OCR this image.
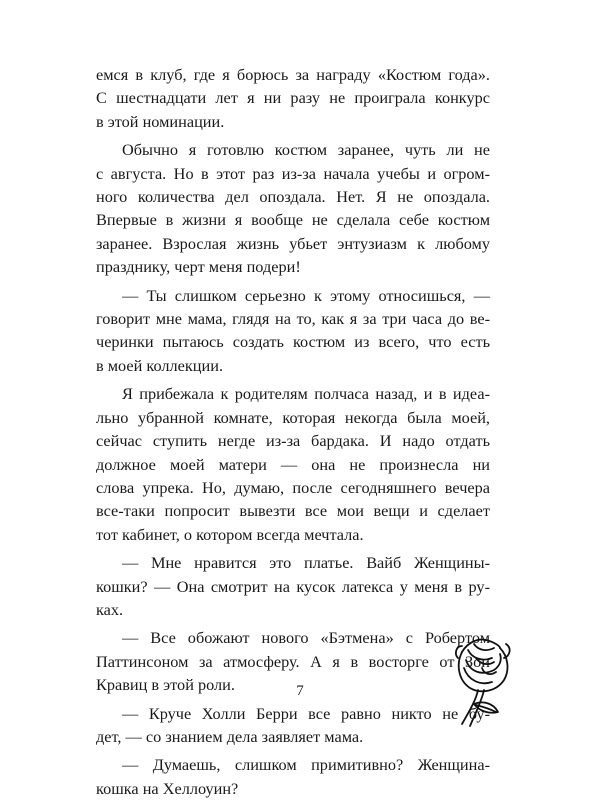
емся в клуб, где я борюсь за награду «Костюм года».
С шестнадцати лет я ни разу не проиграла конкурс
в этой номинации.
Обычно я готовлю костюм заранее, чуть ли не
с августа. Но в этот раз из-за начала учебы и огром-
ного количества дел опоздала. Нет. Я не опоздала.
Впервые в жизни я вообще не сделала себе костюм
заранее. Взрослая жизнь убьет энтузиазм к любому
празднику, черт меня подери!
— Ты слишком серьезно к этому относишься, —
говорит мне мама, глядя на то, как я за три часа до ве-
черинки пытаюсь создать костюм из всего, что есть
в моей коллекции.
Я прибежала к родителям полчаса назад, и в идеа-
льно убранной комнате, которая некогда была моей,
сейчас ступить негде из-за бардака. И надо отдать
должное моей матери — она не произнесла ни
слова упрека. Но, думаю, после сегодняшнего вечера
все-таки попросит вывезти все мои вещи и сделает
тот кабинет, о котором всегда мечтала.
— Мне нравится это платье. Вайб Женщины-
кошки? — Она смотрит на кусок латекса у меня в ру-
ках.
— Все обожают нового «Бэтмена» с Робертом
Паттинсоном за атмосферу. А я в восторге от Зои
Кравиц в этой роли.
— Круче Холли Берри все равно никто не бу-
дет, — со знанием дела заявляет мама.
— Думаешь, слишком примитивно? Женщина-
кошка на Хеллоуин?
7
